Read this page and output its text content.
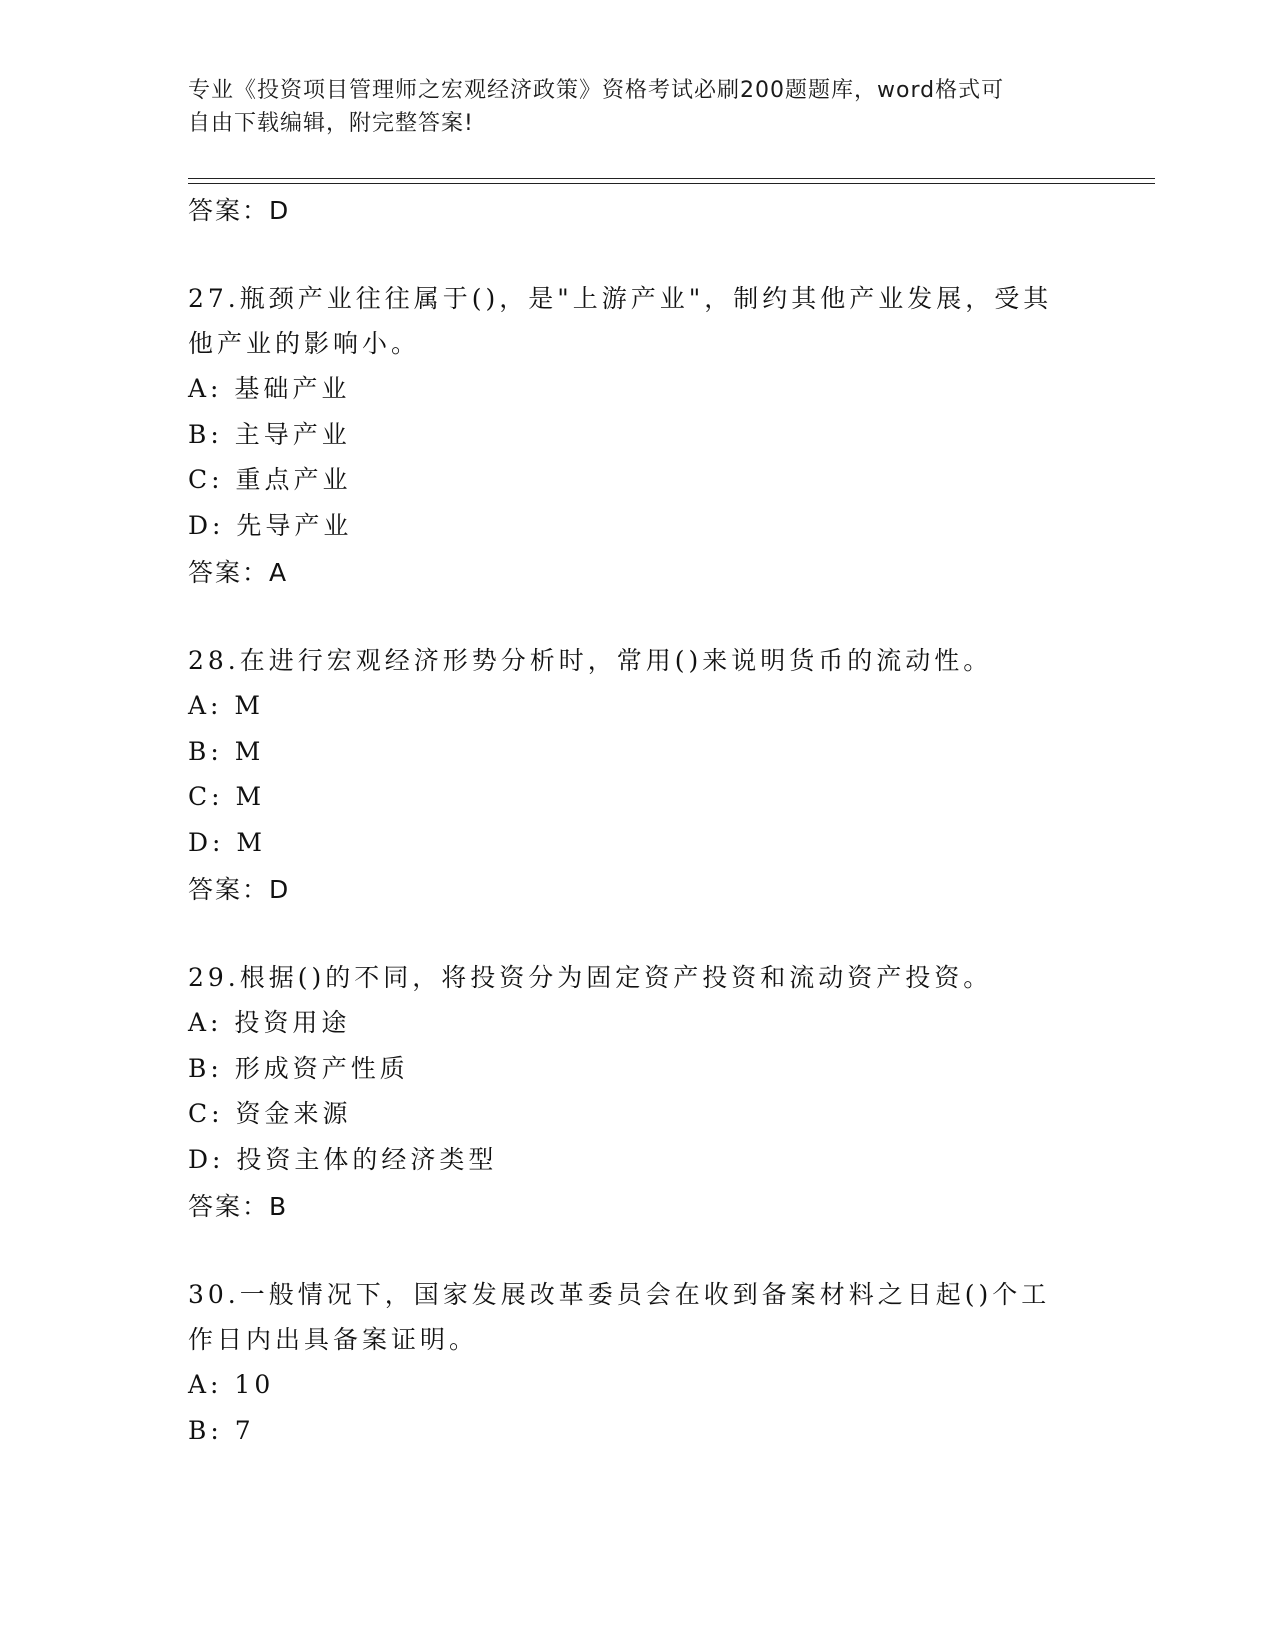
专业《投资项目管理师之宏观经济政策》资格考试必刷200题题库，word格式可
自由下载编辑，附完整答案!
答案：D
27.瓶颈产业往往属于()，是"上游产业"，制约其他产业发展，受其他产业的影响小。
A: 基础产业
B: 主导产业
C: 重点产业
D: 先导产业
答案：A
28.在进行宏观经济形势分析时，常用()来说明货币的流动性。
A: M
B: M
C: M
D: M
答案：D
29.根据()的不同，将投资分为固定资产投资和流动资产投资。
A: 投资用途
B: 形成资产性质
C: 资金来源
D: 投资主体的经济类型
答案：B
30.一般情况下，国家发展改革委员会在收到备案材料之日起()个工作日内出具备案证明。
A: 10
B: 7
